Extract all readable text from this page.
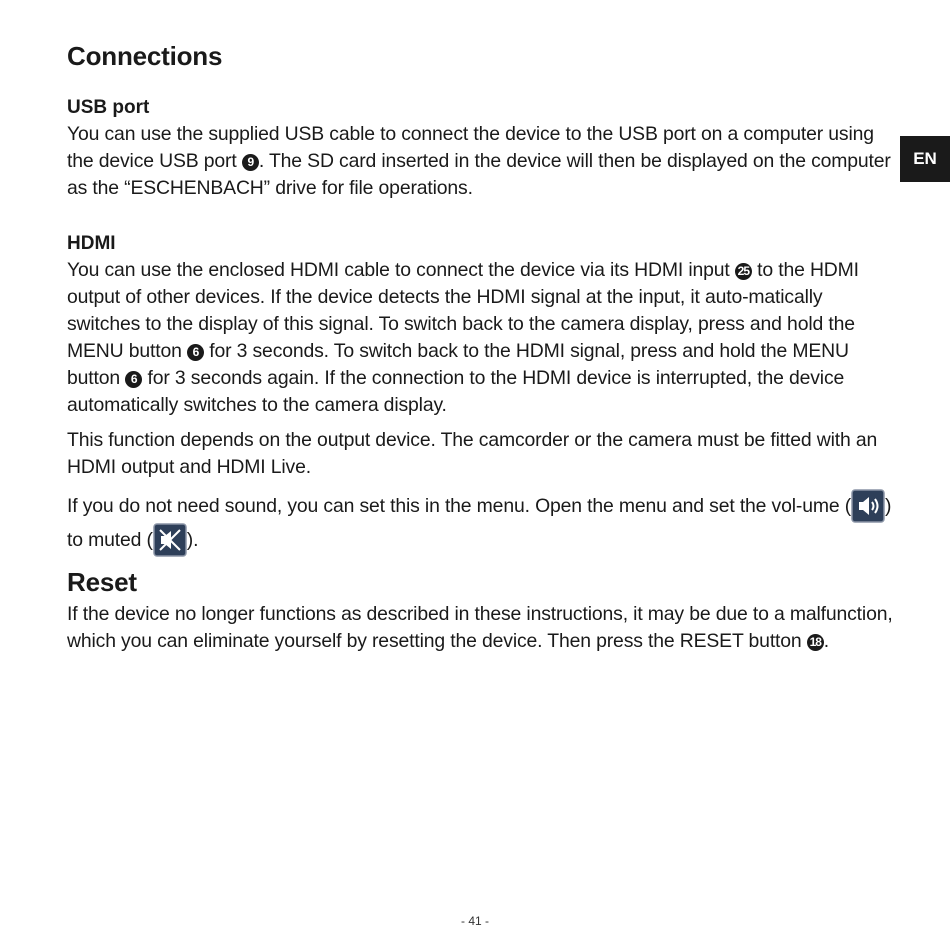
EN
Connections
USB port

You can use the supplied USB cable to connect the device to the USB port on a computer using the device USB port 9 . The SD card inserted in the device will then be displayed on the computer as the “ESCHENBACH” drive for file operations.

HDMI

You can use the enclosed HDMI cable to connect the device via its HDMI input 25 to the HDMI output of other devices. If the device detects the HDMI signal at the input, it auto-matically switches to the display of this signal. To switch back to the camera display, press and hold the MENU button 6 for 3 seconds. To switch back to the HDMI signal, press and hold the MENU button 6 for 3 seconds again. If the connection to the HDMI device is interrupted, the device automatically switches to the camera display.

This function depends on the output device. The camcorder or the camera must be fitted with an HDMI output and HDMI Live.

If you do not need sound, you can set this in the menu. Open the menu and set the vol-ume ( ) to muted ( ).

Reset

If the device no longer functions as described in these instructions, it may be due to a malfunction, which you can eliminate yourself by resetting the device. Then press the RESET button 18 .

- 41 -
